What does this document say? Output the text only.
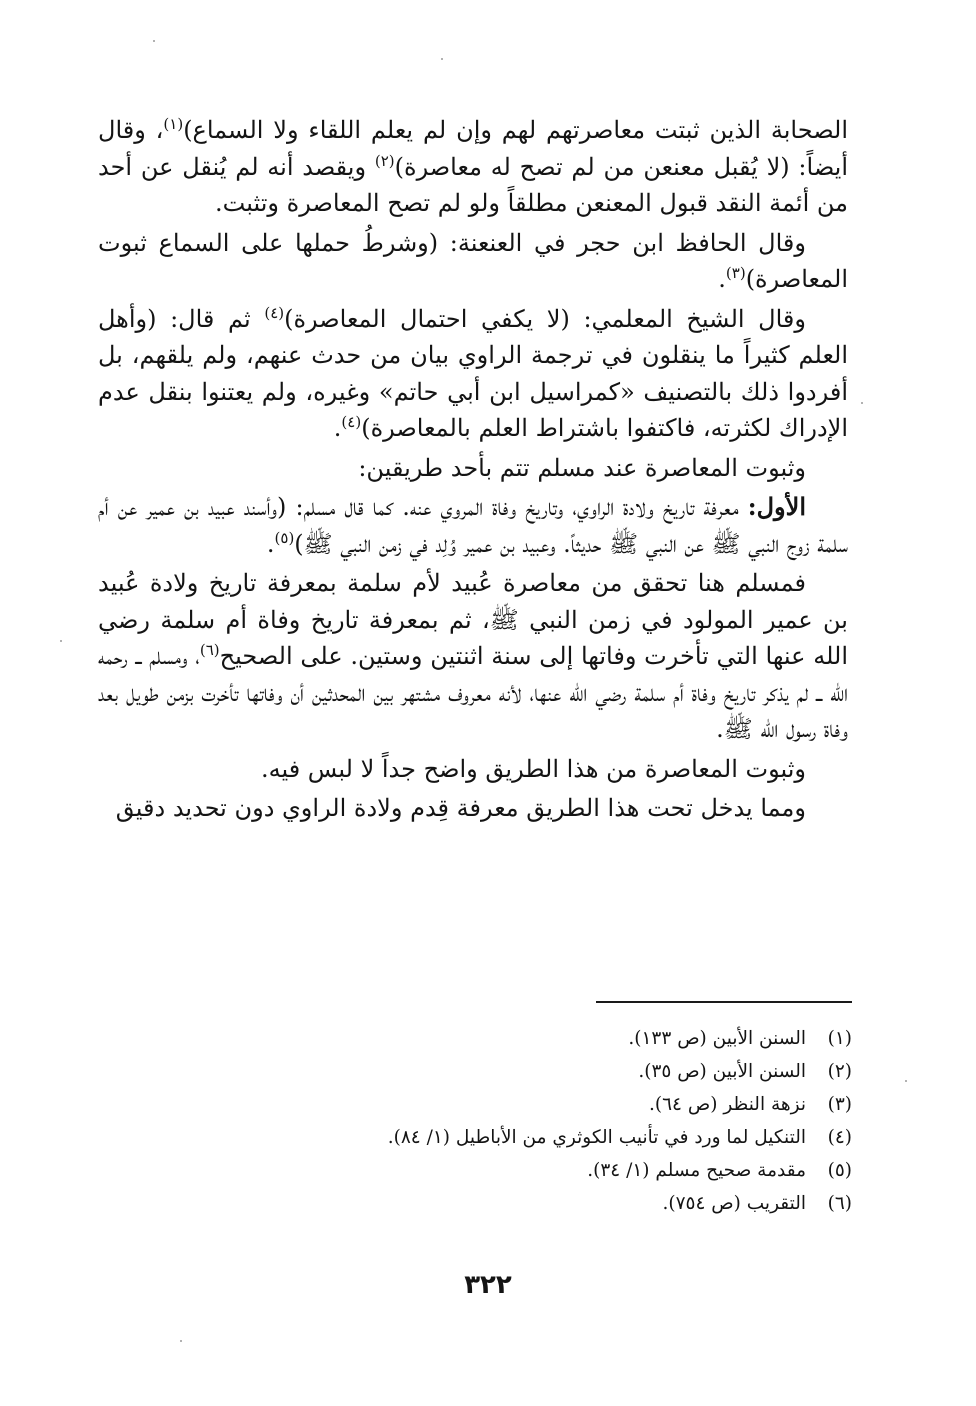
الصحابة الذين ثبتت معاصرتهم لهم وإن لم يعلم اللقاء ولا السماع)$^{(١)}$، وقال أيضاً: (لا يُقبل معنعن من لم تصح له معاصرة)$^{(٢)}$ ويقصد أنه لم يُنقل عن أحد من أئمة النقد قبول المعنعن مطلقاً ولو لم تصح المعاصرة وتثبت.

وقال الحافظ ابن حجر في العنعنة: (وشرطُ حملها على السماع ثبوت المعاصرة)$^{(٣)}$.

وقال الشيخ المعلمي: (لا يكفي احتمال المعاصرة)$^{(٤)}$ ثم قال: (وأهل العلم كثيراً ما ينقلون في ترجمة الراوي بيان من حدث عنهم، ولم يلقهم، بل أفردوا ذلك بالتصنيف «كمراسيل ابن أبي حاتم» وغيره، ولم يعتنوا بنقل عدم الإدراك لكثرته، فاكتفوا باشتراط العلم بالمعاصرة)$^{(٤)}$.

وثبوت المعاصرة عند مسلم تتم بأحد طريقين:

الأول: معرفة تاريخ ولادة الراوي، وتاريخ وفاة المروي عنه. كما قال مسلم: (وأسند عبيد بن عمير عن أم سلمة زوج النبي ﷺ عن النبي ﷺ حديثاً. وعبيد بن عمير وُلِد في زمن النبي ﷺ)$^{(٥)}$.

فمسلم هنا تحقق من معاصرة عُبيد لأم سلمة بمعرفة تاريخ ولادة عُبيد بن عمير المولود في زمن النبي ﷺ، ثم بمعرفة تاريخ وفاة أم سلمة رضي الله عنها التي تأخرت وفاتها إلى سنة اثنتين وستين. على الصحيح$^{(٦)}$، ومسلم ــ رحمه الله ــ لم يذكر تاريخ وفاة أم سلمة رضي الله عنها، لأنه معروف مشتهر بين المحدثين أن وفاتها تأخرت بزمن طويل بعد وفاة رسول الله ﷺ.

وثبوت المعاصرة من هذا الطريق واضح جداً لا لبس فيه.

ومما يدخل تحت هذا الطريق معرفة قِدم ولادة الراوي دون تحديد دقيق

(١)
السنن الأبين (ص ١٣٣).
(٢)
السنن الأبين (ص ٣٥).
(٣)
نزهة النظر (ص ٦٤).
(٤)
التنكيل لما ورد في تأنيب الكوثري من الأباطيل (١/ ٨٤).
(٥)
مقدمة صحيح مسلم (١/ ٣٤).
(٦)
التقريب (ص ٧٥٤).
٣٢٢
